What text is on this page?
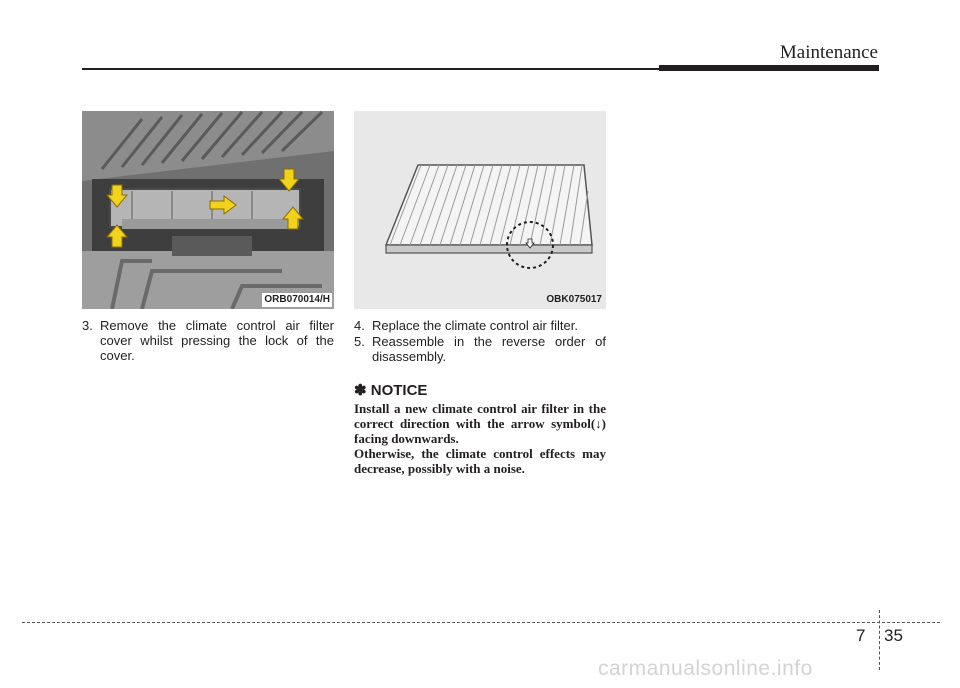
Maintenance
ORB070014/H	OBK075017
3. Remove the climate control air filter cover whilst pressing the lock of the cover.
4. Replace the climate control air filter.
5. Reassemble in the reverse order of disassembly.
✽ NOTICE

Install a new climate control air filter in the correct direction with the arrow symbol(↓) facing downwards.

Otherwise, the climate control effects may decrease, possibly with a noise.

7 35
carmanualsonline.info
